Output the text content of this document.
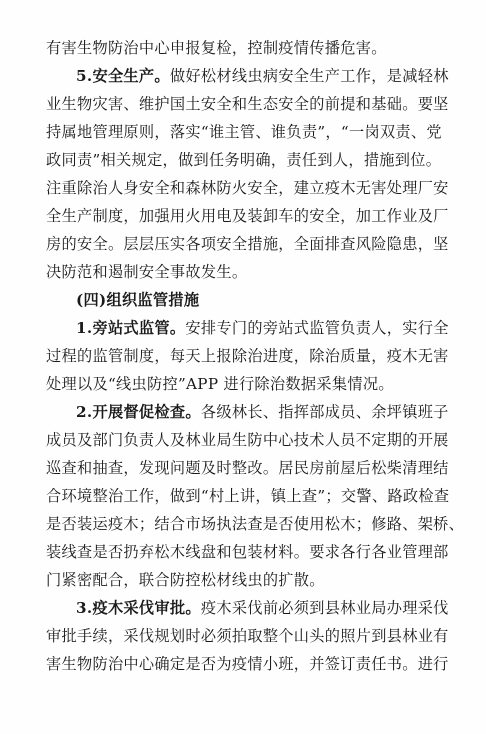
有害生物防治中心申报复检，控制疫情传播危害。
5.安全生产。做好松材线虫病安全生产工作，是减轻林
业生物灾害、维护国土安全和生态安全的前提和基础。要坚
持属地管理原则，落实“谁主管、谁负责”，“一岗双责、党
政同责”相关规定，做到任务明确，责任到人，措施到位。
注重除治人身安全和森林防火安全，建立疫木无害处理厂安
全生产制度，加强用火用电及装卸车的安全，加工作业及厂
房的安全。层层压实各项安全措施，全面排查风险隐患，坚
决防范和遏制安全事故发生。
(四)组织监管措施
1.旁站式监管。安排专门的旁站式监管负责人，实行全
过程的监管制度，每天上报除治进度，除治质量，疫木无害
处理以及“线虫防控”APP 进行除治数据采集情况。
2.开展督促检查。各级林长、指挥部成员、余坪镇班子
成员及部门负责人及林业局生防中心技术人员不定期的开展
巡查和抽查，发现问题及时整改。居民房前屋后松柴清理结
合环境整治工作，做到“村上讲，镇上查”；交警、路政检查
是否装运疫木；结合市场执法查是否使用松木；修路、架桥、
装线查是否扔弃松木线盘和包装材料。要求各行各业管理部
门紧密配合，联合防控松材线虫的扩散。
3.疫木采伐审批。疫木采伐前必须到县林业局办理采伐
审批手续，采伐规划时必须拍取整个山头的照片到县林业有
害生物防治中心确定是否为疫情小班，并签订责任书。进行
